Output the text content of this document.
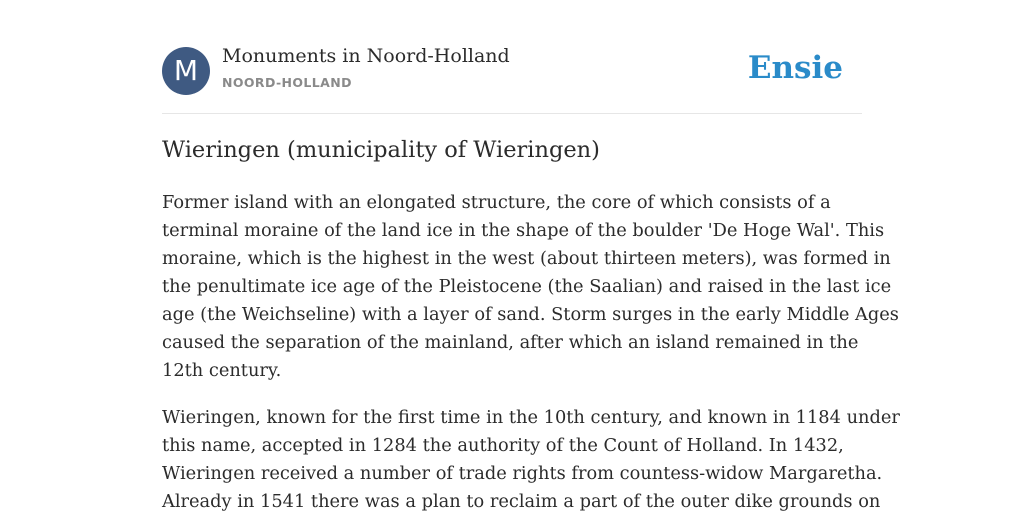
M	Monuments in Noord-Holland
NOORD-HOLLAND	Ensie
Wieringen (municipality of Wieringen)

Former island with an elongated structure, the core of which consists of a
terminal moraine of the land ice in the shape of the boulder 'De Hoge Wal'. This
moraine, which is the highest in the west (about thirteen meters), was formed in
the penultimate ice age of the Pleistocene (the Saalian) and raised in the last ice
age (the Weichseline) with a layer of sand. Storm surges in the early Middle Ages
caused the separation of the mainland, after which an island remained in the
12th century.

Wieringen, known for the first time in the 10th century, and known in 1184 under
this name, accepted in 1284 the authority of the Count of Holland. In 1432,
Wieringen received a number of trade rights from countess-widow Margaretha.
Already in 1541 there was a plan to reclaim a part of the outer dike grounds on
